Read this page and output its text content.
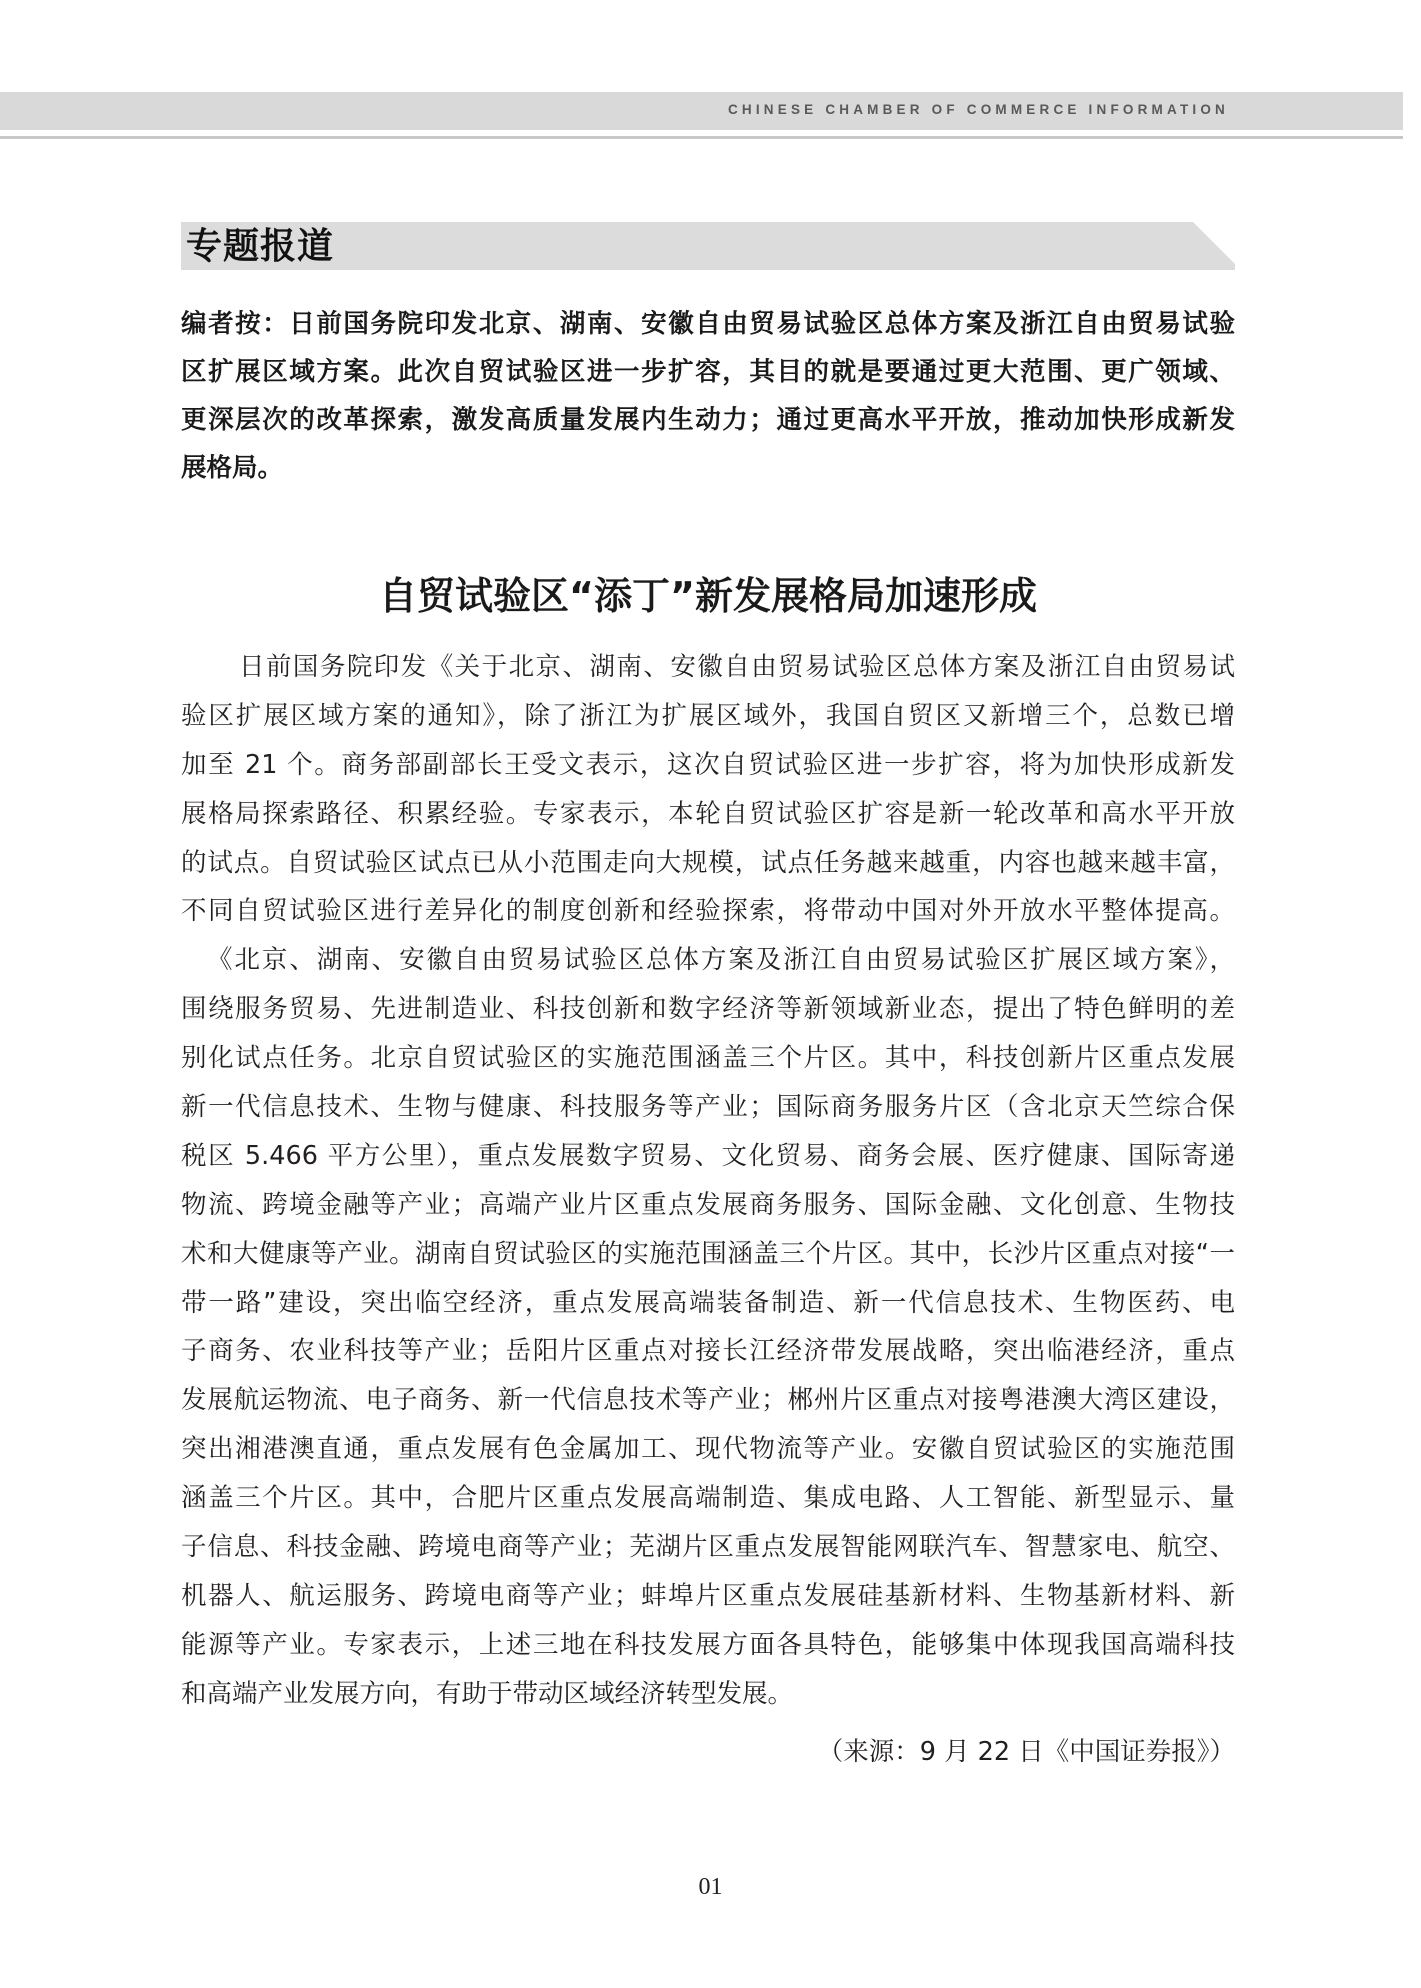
CHINESE CHAMBER OF COMMERCE INFORMATION
专题报道
编者按：日前国务院印发北京、湖南、安徽自由贸易试验区总体方案及浙江自由贸易试验
区扩展区域方案。此次自贸试验区进一步扩容，其目的就是要通过更大范围、更广领域、
更深层次的改革探索，激发高质量发展内生动力；通过更高水平开放，推动加快形成新发
展格局。
自贸试验区“添丁”新发展格局加速形成
日前国务院印发《关于北京、湖南、安徽自由贸易试验区总体方案及浙江自由贸易试
验区扩展区域方案的通知》，除了浙江为扩展区域外，我国自贸区又新增三个，总数已增
加至 21 个。商务部副部长王受文表示，这次自贸试验区进一步扩容，将为加快形成新发
展格局探索路径、积累经验。专家表示，本轮自贸试验区扩容是新一轮改革和高水平开放
的试点。自贸试验区试点已从小范围走向大规模，试点任务越来越重，内容也越来越丰富，
不同自贸试验区进行差异化的制度创新和经验探索，将带动中国对外开放水平整体提高。
《北京、湖南、安徽自由贸易试验区总体方案及浙江自由贸易试验区扩展区域方案》，
围绕服务贸易、先进制造业、科技创新和数字经济等新领域新业态，提出了特色鲜明的差
别化试点任务。北京自贸试验区的实施范围涵盖三个片区。其中，科技创新片区重点发展
新一代信息技术、生物与健康、科技服务等产业；国际商务服务片区（含北京天竺综合保
税区 5.466 平方公里），重点发展数字贸易、文化贸易、商务会展、医疗健康、国际寄递
物流、跨境金融等产业；高端产业片区重点发展商务服务、国际金融、文化创意、生物技
术和大健康等产业。湖南自贸试验区的实施范围涵盖三个片区。其中，长沙片区重点对接“一
带一路”建设，突出临空经济，重点发展高端装备制造、新一代信息技术、生物医药、电
子商务、农业科技等产业；岳阳片区重点对接长江经济带发展战略，突出临港经济，重点
发展航运物流、电子商务、新一代信息技术等产业；郴州片区重点对接粤港澳大湾区建设，
突出湘港澳直通，重点发展有色金属加工、现代物流等产业。安徽自贸试验区的实施范围
涵盖三个片区。其中，合肥片区重点发展高端制造、集成电路、人工智能、新型显示、量
子信息、科技金融、跨境电商等产业；芜湖片区重点发展智能网联汽车、智慧家电、航空、
机器人、航运服务、跨境电商等产业；蚌埠片区重点发展硅基新材料、生物基新材料、新
能源等产业。专家表示，上述三地在科技发展方面各具特色，能够集中体现我国高端科技
和高端产业发展方向，有助于带动区域经济转型发展。
（来源：9 月 22 日《中国证券报》）
01
